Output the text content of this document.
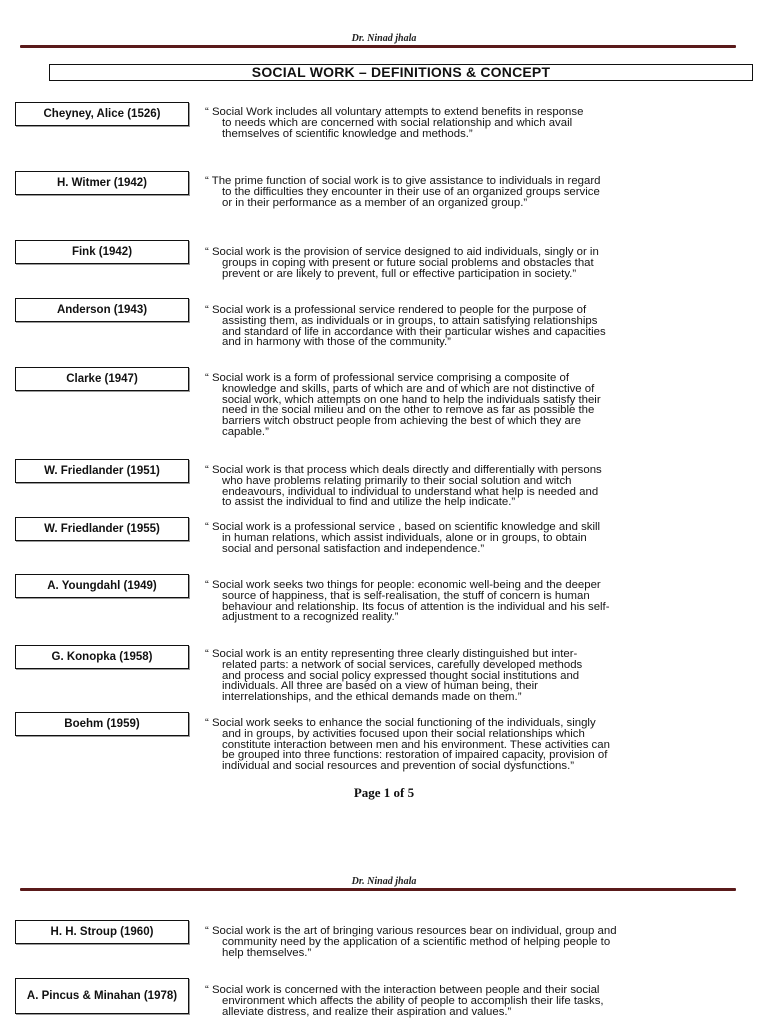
Dr. Ninad jhala
SOCIAL WORK – DEFINITIONS & CONCEPT
Cheyney, Alice (1526)
H. Witmer (1942)
Fink (1942)
Anderson (1943)
Clarke (1947)
W. Friedlander (1951)
W. Friedlander (1955)
A. Youngdahl (1949)
G. Konopka (1958)
Boehm (1959)

“ Social Work includes all voluntary attempts to extend benefits in response
to needs which are concerned with social relationship and which avail
themselves of scientific knowledge and methods.”

“ The prime function of social work is to give assistance to individuals in regard
to the difficulties they encounter in their use of an organized groups service
or in their performance as a member of an organized group.”

“ Social work is the provision of service designed to aid individuals, singly or in
groups in coping with present or future social problems and obstacles that
prevent or are likely to prevent, full or effective participation in society.”

“ Social work is a professional service rendered to people for the purpose of
assisting them, as individuals or in groups, to attain satisfying relationships
and standard of life in accordance with their particular wishes and capacities
and in harmony with those of the community.”

“ Social work is a form of professional service comprising a composite of
knowledge and skills, parts of which are and of which are not distinctive of
social work, which attempts on one hand to help the individuals satisfy their
need in the social milieu and on the other to remove as far as possible the
barriers witch obstruct people from achieving the best of which they are
capable.”

“ Social work is that process which deals directly and differentially with persons
who have problems relating primarily to their social solution and witch
endeavours, individual to individual to understand what help is needed and
to assist the individual to find and utilize the help indicate.”

“ Social work is a professional service , based on scientific knowledge and skill
in human relations, which assist individuals, alone or in groups, to obtain
social and personal satisfaction and independence.”

“ Social work seeks two things for people: economic well-being and the deeper
source of happiness, that is self-realisation, the stuff of concern is human
behaviour and relationship. Its focus of attention is the individual and his self-
adjustment to a recognized reality.”

“ Social work is an entity representing three clearly distinguished but inter-
related parts: a network of social services, carefully developed methods
and process and social policy expressed thought social institutions and
individuals. All three are based on a view of human being, their
interrelationships, and the ethical demands made on them.”

“ Social work seeks to enhance the social functioning of the individuals, singly
and in groups, by activities focused upon their social relationships which
constitute interaction between men and his environment. These activities can
be grouped into three functions: restoration of impaired capacity, provision of
individual and social resources and prevention of social dysfunctions.”

Page 1 of 5
Dr. Ninad jhala
H. H. Stroup (1960)
A. Pincus & Minahan (1978)

“ Social work is the art of bringing various resources bear on individual, group and
community need by the application of a scientific method of helping people to
help themselves.”

“ Social work is concerned with the interaction between people and their social
environment which affects the ability of people to accomplish their life tasks,
alleviate distress, and realize their aspiration and values.”
